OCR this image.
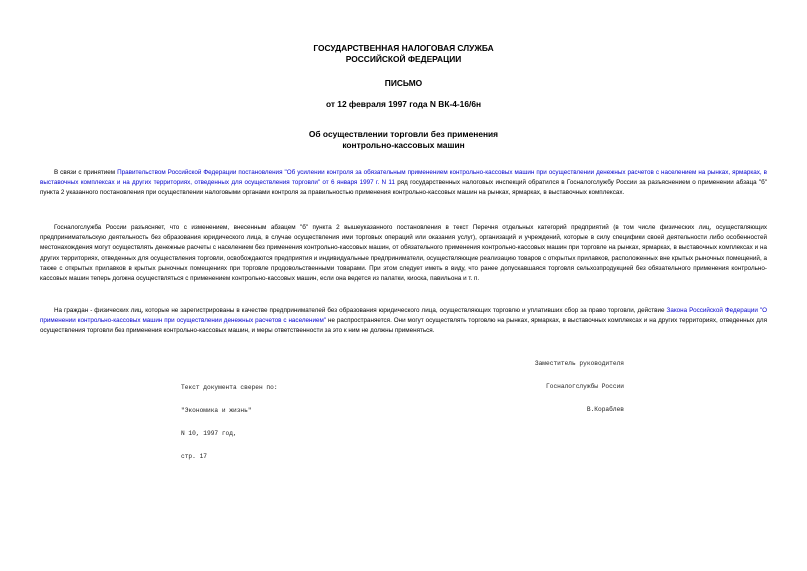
ГОСУДАРСТВЕННАЯ НАЛОГОВАЯ СЛУЖБА
РОССИЙСКОЙ ФЕДЕРАЦИИ
ПИСЬМО
от 12 февраля 1997 года N ВК-4-16/6н
Об осуществлении торговли без применения
контрольно-кассовых машин

В связи с принятием Правительством Российской Федерации постановления "Об усилении контроля за обязательным применением контрольно-кассовых машин при осуществлении денежных расчетов с населением на рынках, ярмарках, в выставочных комплексах и на других территориях, отведенных для осуществления торговли" от 6 января 1997 г. N 11 ряд государственных налоговых инспекций обратился в Госналогслужбу России за разъяснением о применении абзаца "б" пункта 2 указанного постановления при осуществлении налоговыми органами контроля за правильностью применения контрольно-кассовых машин на рынках, ярмарках, в выставочных комплексах.

Госналогслужба России разъясняет, что с изменением, внесенным абзацем "б" пункта 2 вышеуказанного постановления в текст Перечня отдельных категорий предприятий (в том числе физических лиц, осуществляющих предпринимательскую деятельность без образования юридического лица, в случае осуществления ими торговых операций или оказания услуг), организаций и учреждений, которые в силу специфики своей деятельности либо особенностей местонахождения могут осуществлять денежные расчеты с населением без применения контрольно-кассовых машин, от обязательного применения контрольно-кассовых машин при торговле на рынках, ярмарках, в выставочных комплексах и на других территориях, отведенных для осуществления торговли, освобождаются предприятия и индивидуальные предприниматели, осуществляющие реализацию товаров с открытых прилавков, расположенных вне крытых рыночных помещений, а также с открытых прилавков в крытых рыночных помещениях при торговле продовольственными товарами. При этом следует иметь в виду, что ранее допускавшаяся торговля сельхозпродукцией без обязательного применения контрольно-кассовых машин теперь должна осуществляться с применением контрольно-кассовых машин, если она ведется из палатки, киоска, павильона и т. п.

На граждан - физических лиц, которые не зарегистрированы в качестве предпринимателей без образования юридического лица, осуществляющих торговлю и уплативших сбор за право торговли, действие Закона Российской Федерации "О применении контрольно-кассовых машин при осуществлении денежных расчетов с населением" не распространяется. Они могут осуществлять торговлю на рынках, ярмарках, в выставочных комплексах и на других территориях, отведенных для осуществления торговли без применения контрольно-кассовых машин, и меры ответственности за это к ним не должны применяться.

Заместитель руководителя

Госналогслужбы России

В.Кораблев

Текст документа сверен по:

"Экономика и жизнь"

N 10, 1997 год,

стр. 17
